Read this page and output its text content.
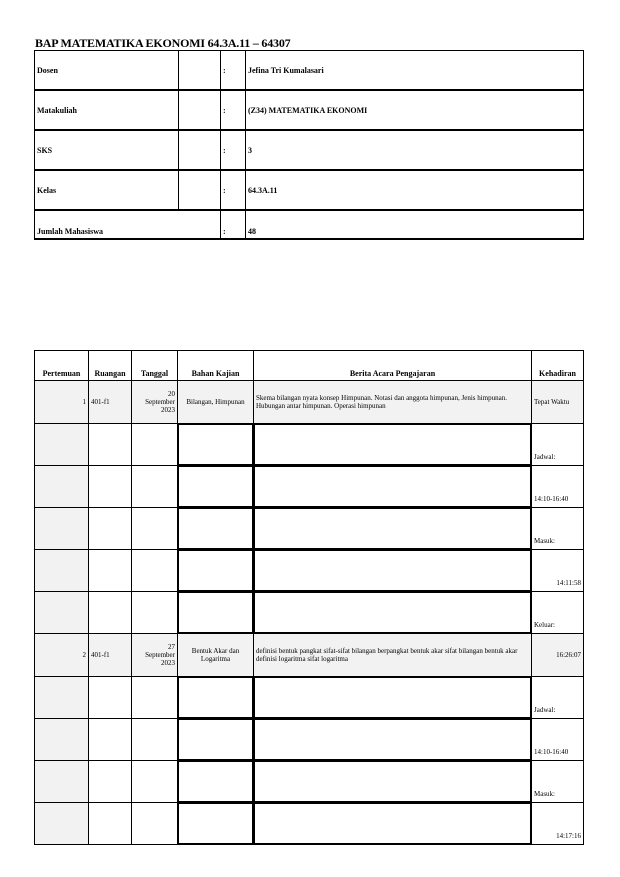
BAP MATEMATIKA EKONOMI 64.3A.11 – 64307
Dosen		:	Jefina Tri Kumalasari
Matakuliah		:	(Z34) MATEMATIKA EKONOMI
SKS		:	3
Kelas		:	64.3A.11
Jumlah Mahasiswa		:	48
Pertemuan	Ruangan	Tanggal	Bahan Kajian	Berita Acara Pengajaran	Kehadiran
1	401-f1	20
September
2023	Bilangan, Himpunan	Skema bilangan nyata konsep Himpunan. Notasi dan anggota himpunan, Jenis himpunan. Hubungan antar himpunan. Operasi himpunan	Tepat Waktu
					Jadwal:
					14:10-16:40
					Masuk:
					14:11:58
					Keluar:
2	401-f1	27
September
2023	Bentuk Akar dan Logaritma	definisi bentuk pangkat sifat-sifat bilangan berpangkat bentuk akar sifat bilangan bentuk akar definisi logaritma sifat logaritma	16:26:07
					Jadwal:
					14:10-16:40
					Masuk:
					14:17:16
